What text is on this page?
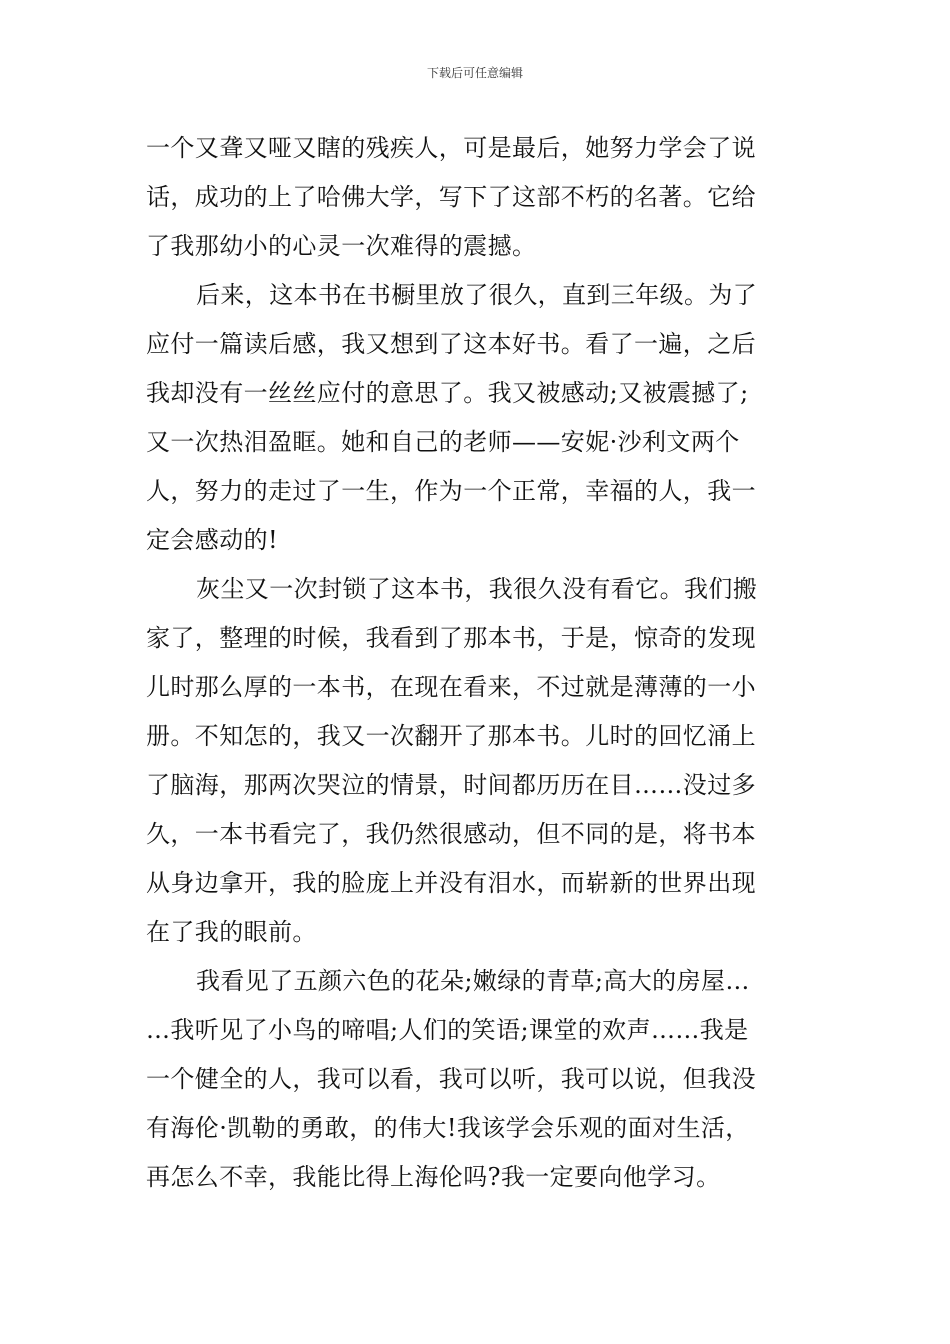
下载后可任意编辑
一个又聋又哑又瞎的残疾人，可是最后，她努力学会了说
话，成功的上了哈佛大学，写下了这部不朽的名著。它给
了我那幼小的心灵一次难得的震撼。
后来，这本书在书橱里放了很久，直到三年级。为了
应付一篇读后感，我又想到了这本好书。看了一遍，之后
我却没有一丝丝应付的意思了。我又被感动;又被震撼了;
又一次热泪盈眶。她和自己的老师——安妮·沙利文两个
人，努力的走过了一生，作为一个正常，幸福的人，我一
定会感动的!
灰尘又一次封锁了这本书，我很久没有看它。我们搬
家了，整理的时候，我看到了那本书，于是，惊奇的发现
儿时那么厚的一本书，在现在看来，不过就是薄薄的一小
册。不知怎的，我又一次翻开了那本书。儿时的回忆涌上
了脑海，那两次哭泣的情景，时间都历历在目……没过多
久，一本书看完了，我仍然很感动，但不同的是，将书本
从身边拿开，我的脸庞上并没有泪水，而崭新的世界出现
在了我的眼前。
我看见了五颜六色的花朵;嫩绿的青草;高大的房屋…
…我听见了小鸟的啼唱;人们的笑语;课堂的欢声……我是
一个健全的人，我可以看，我可以听，我可以说，但我没
有海伦·凯勒的勇敢，的伟大!我该学会乐观的面对生活，
再怎么不幸，我能比得上海伦吗?我一定要向他学习。
